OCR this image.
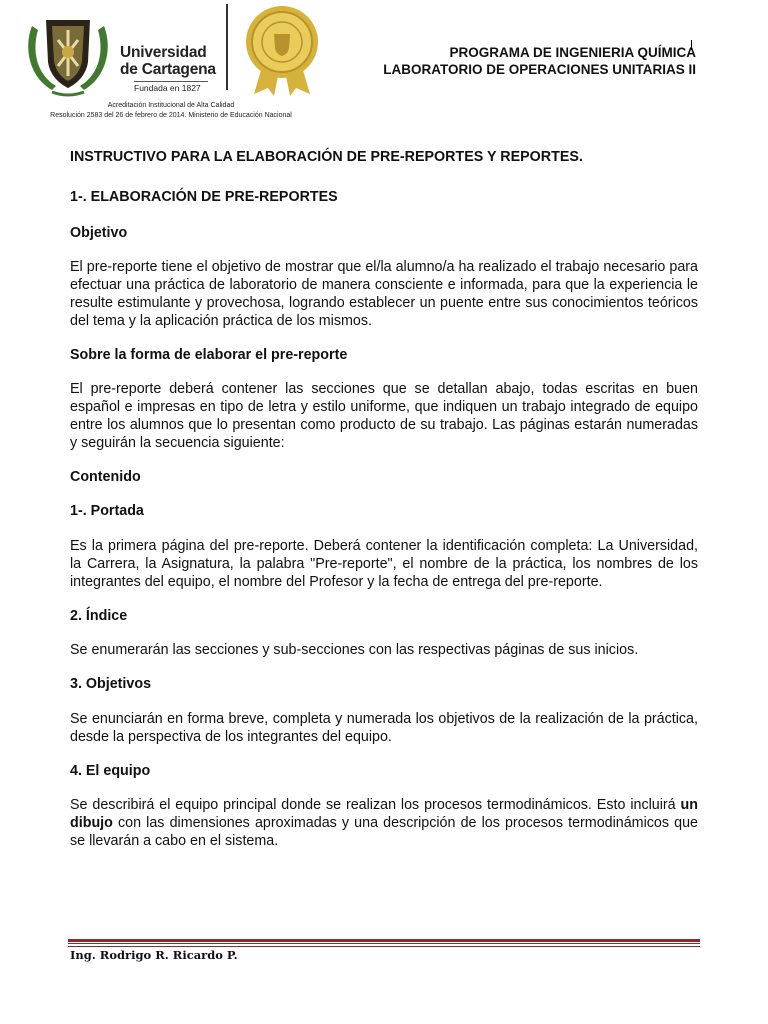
Universidad
de Cartagena
Fundada en 1827
Acreditación Institucional de Alta Calidad
Resolución 2583 del 26 de febrero de 2014. Ministerio de Educación Nacional
PROGRAMA DE INGENIERIA QUÍMICA
LABORATORIO DE OPERACIONES UNITARIAS II

INSTRUCTIVO PARA LA ELABORACIÓN DE PRE-REPORTES Y REPORTES.

1-. ELABORACIÓN DE PRE-REPORTES

Objetivo

El pre-reporte tiene el objetivo de mostrar que el/la alumno/a ha realizado el trabajo necesario para efectuar una práctica de laboratorio de manera consciente e informada, para que la experiencia le resulte estimulante y provechosa, logrando establecer un puente entre sus conocimientos teóricos del tema y la aplicación práctica de los mismos.

Sobre la forma de elaborar el pre-reporte

El pre-reporte deberá contener las secciones que se detallan abajo, todas escritas en buen español e impresas en tipo de letra y estilo uniforme, que indiquen un trabajo integrado de equipo entre los alumnos que lo presentan como producto de su trabajo. Las páginas estarán numeradas y seguirán la secuencia siguiente:

Contenido

1-. Portada

Es la primera página del pre-reporte. Deberá contener la identificación completa: La Universidad, la Carrera, la Asignatura, la palabra "Pre-reporte", el nombre de la práctica, los nombres de los integrantes del equipo, el nombre del Profesor y la fecha de entrega del pre-reporte.

2. Índice

Se enumerarán las secciones y sub-secciones con las respectivas páginas de sus inicios.

3. Objetivos

Se enunciarán en forma breve, completa y numerada los objetivos de la realización de la práctica, desde la perspectiva de los integrantes del equipo.

4. El equipo

Se describirá el equipo principal donde se realizan los procesos termodinámicos. Esto incluirá un dibujo con las dimensiones aproximadas y una descripción de los procesos termodinámicos que se llevarán a cabo en el sistema.

Ing. Rodrigo R. Ricardo P.
